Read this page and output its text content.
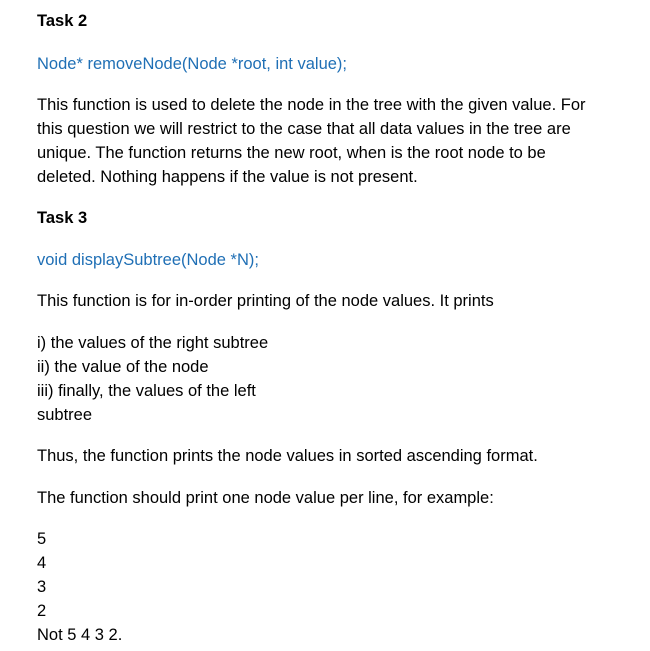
Task 2

Node* removeNode(Node *root, int value);

This function is used to delete the node in the tree with the given value. For
this question we will restrict to the case that all data values in the tree are
unique. The function returns the new root, when is the root node to be
deleted. Nothing happens if the value is not present.

Task 3

void displaySubtree(Node *N);

This function is for in-order printing of the node values. It prints

i) the values of the right subtree
ii) the value of the node
iii) finally, the values of the left
subtree

Thus, the function prints the node values in sorted ascending format.

The function should print one node value per line, for example:

5
4
3
2
Not 5 4 3 2.
